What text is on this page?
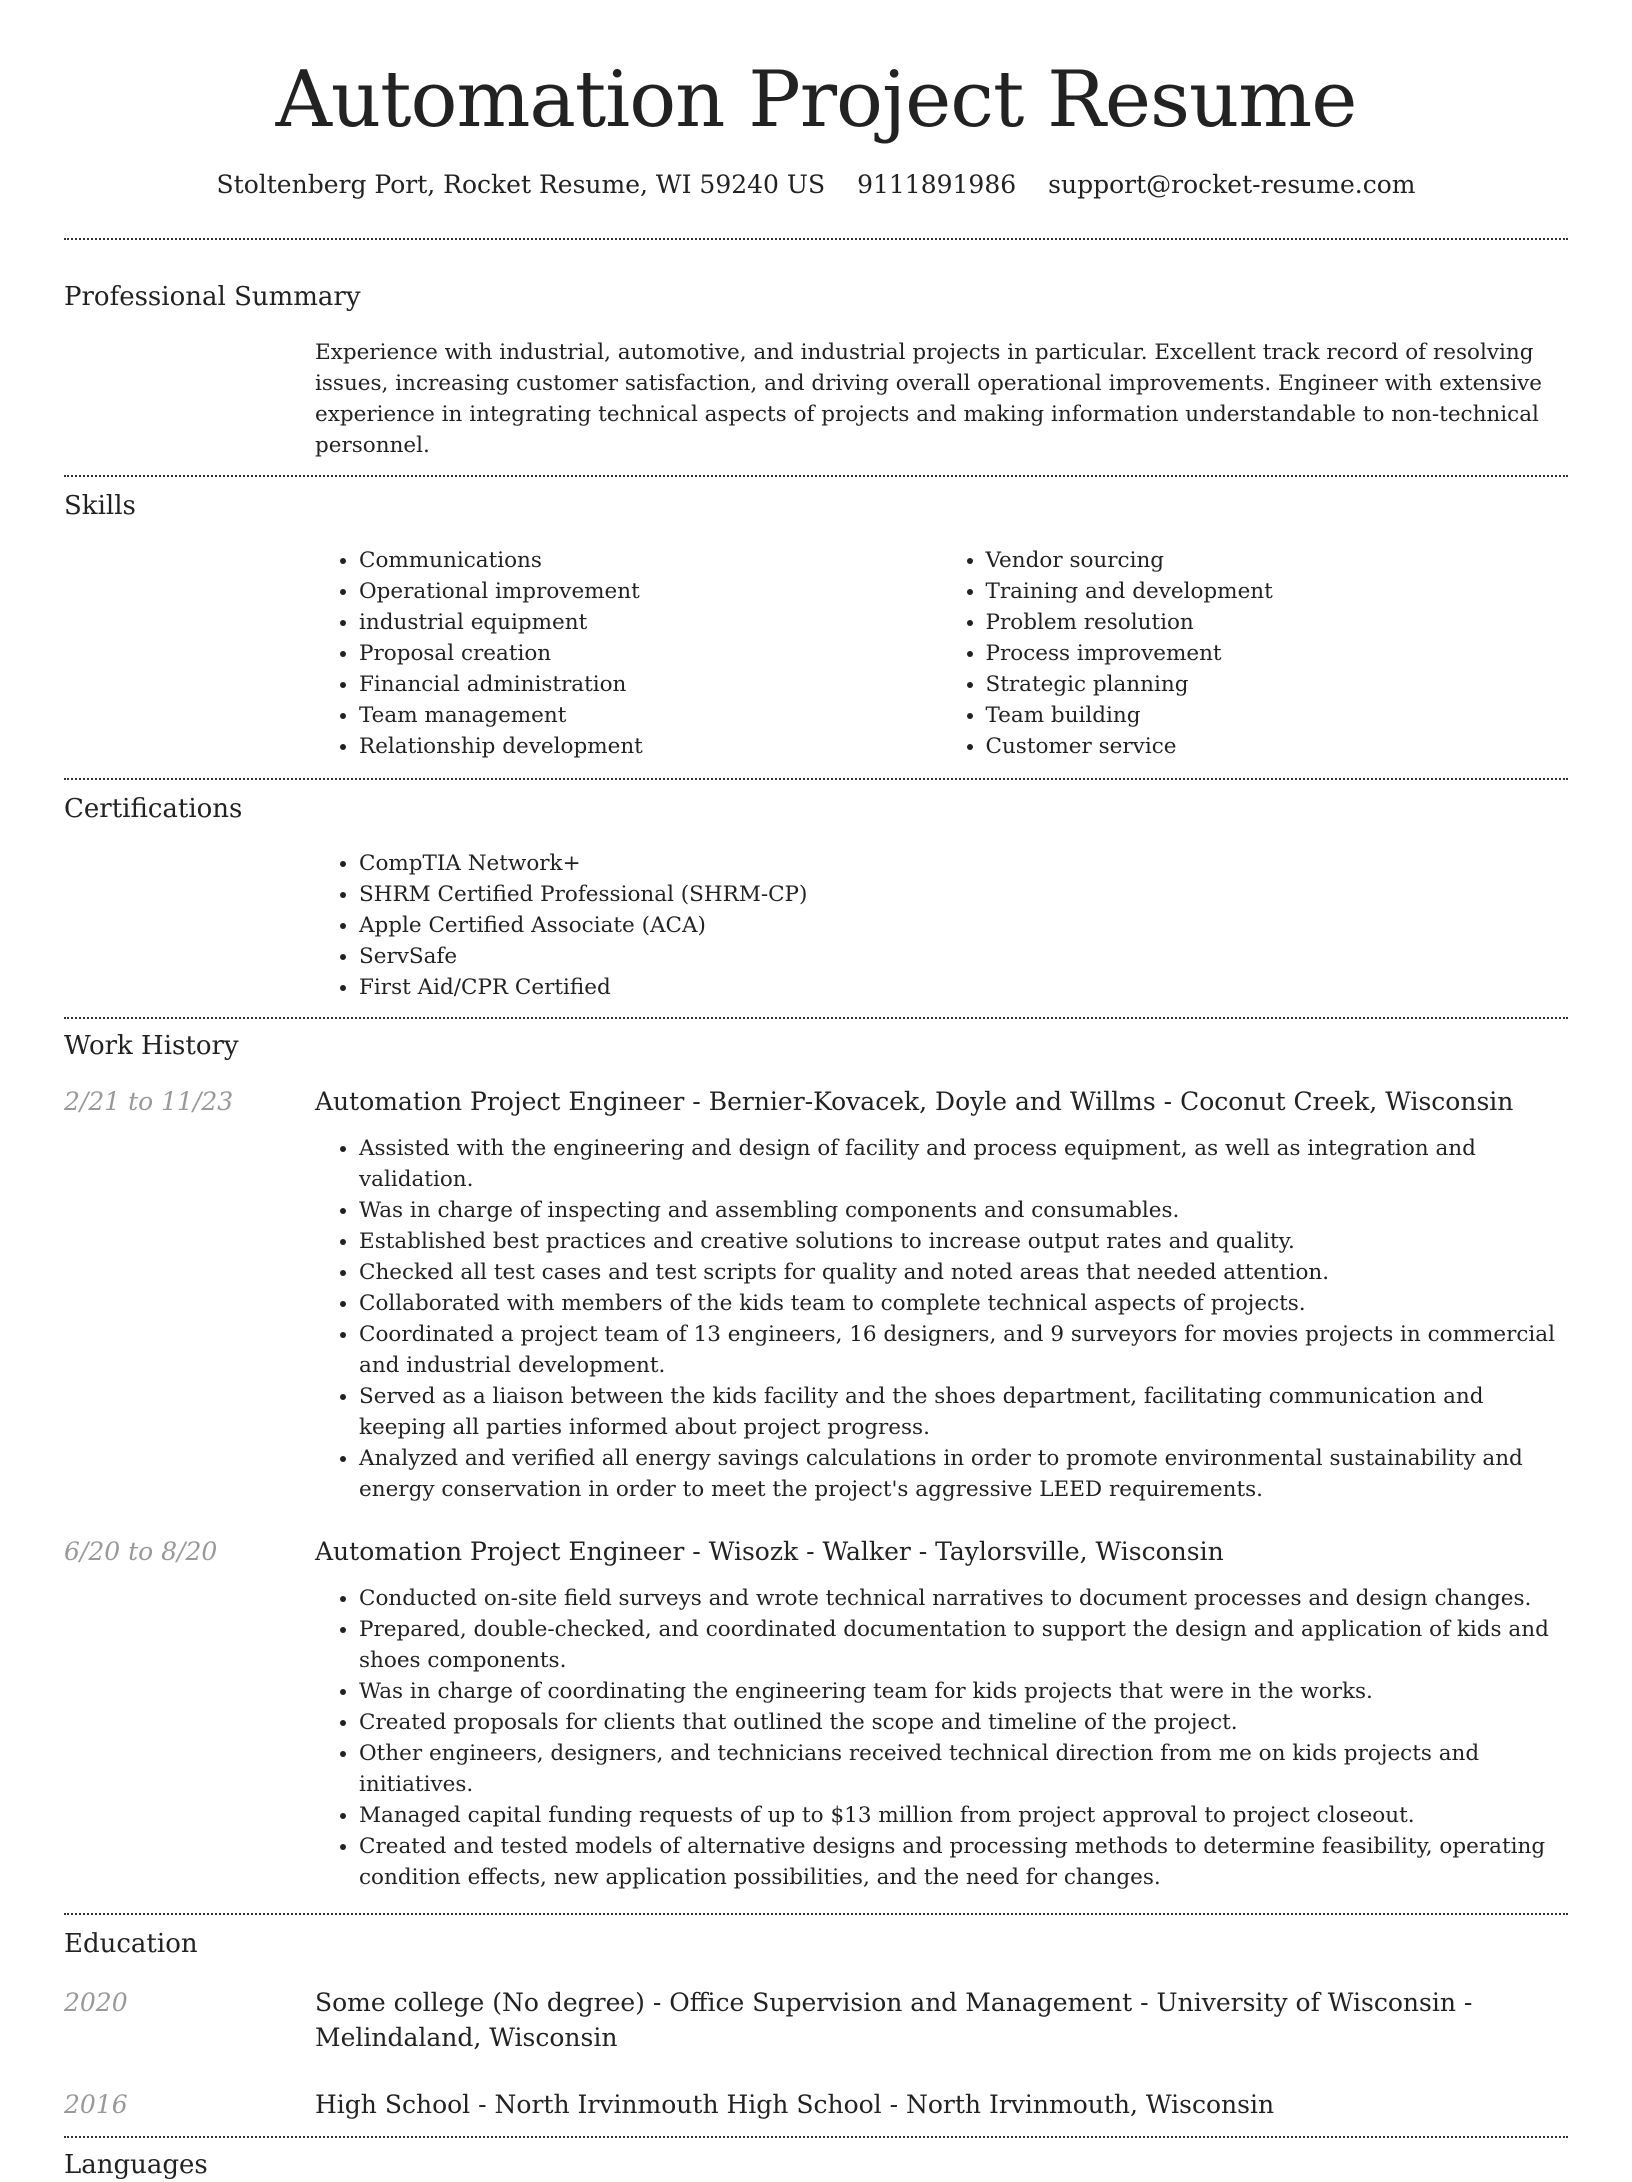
Automation Project Resume
Stoltenberg Port, Rocket Resume, WI 59240 US 9111891986 support@rocket-resume.com
Professional Summary
Experience with industrial, automotive, and industrial projects in particular. Excellent track record of resolving issues, increasing customer satisfaction, and driving overall operational improvements. Engineer with extensive experience in integrating technical aspects of projects and making information understandable to non-technical personnel.
Skills
• Communications
• Operational improvement
• industrial equipment
• Proposal creation
• Financial administration
• Team management
• Relationship development
• Vendor sourcing
• Training and development
• Problem resolution
• Process improvement
• Strategic planning
• Team building
• Customer service
Certifications
• CompTIA Network+
• SHRM Certified Professional (SHRM-CP)
• Apple Certified Associate (ACA)
• ServSafe
• First Aid/CPR Certified
Work History
2/21 to 11/23	Automation Project Engineer - Bernier-Kovacek, Doyle and Willms - Coconut Creek, Wisconsin
• Assisted with the engineering and design of facility and process equipment, as well as integration and validation.
• Was in charge of inspecting and assembling components and consumables.
• Established best practices and creative solutions to increase output rates and quality.
• Checked all test cases and test scripts for quality and noted areas that needed attention.
• Collaborated with members of the kids team to complete technical aspects of projects.
• Coordinated a project team of 13 engineers, 16 designers, and 9 surveyors for movies projects in commercial and industrial development.
• Served as a liaison between the kids facility and the shoes department, facilitating communication and keeping all parties informed about project progress.
• Analyzed and verified all energy savings calculations in order to promote environmental sustainability and energy conservation in order to meet the project's aggressive LEED requirements.
6/20 to 8/20	Automation Project Engineer - Wisozk - Walker - Taylorsville, Wisconsin
• Conducted on-site field surveys and wrote technical narratives to document processes and design changes.
• Prepared, double-checked, and coordinated documentation to support the design and application of kids and shoes components.
• Was in charge of coordinating the engineering team for kids projects that were in the works.
• Created proposals for clients that outlined the scope and timeline of the project.
• Other engineers, designers, and technicians received technical direction from me on kids projects and initiatives.
• Managed capital funding requests of up to $13 million from project approval to project closeout.
• Created and tested models of alternative designs and processing methods to determine feasibility, operating condition effects, new application possibilities, and the need for changes.
Education
2020	Some college (No degree) - Office Supervision and Management - University of Wisconsin - Melindaland, Wisconsin
2016	High School - North Irvinmouth High School - North Irvinmouth, Wisconsin
Languages
